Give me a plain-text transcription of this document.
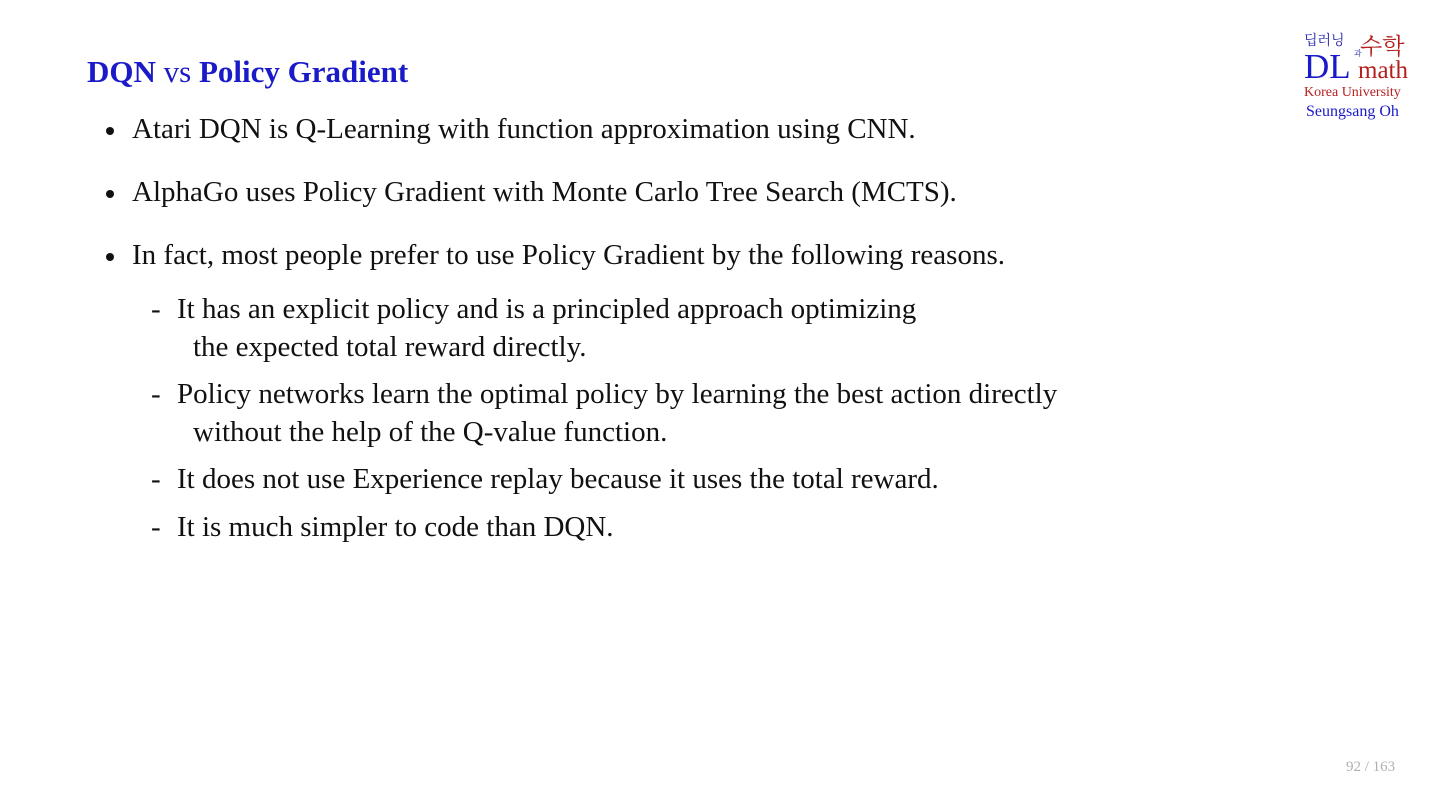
DQN vs Policy Gradient
딥러닝
과
수학
DL math
Korea University
Seungsang Oh
Atari DQN is Q-Learning with function approximation using CNN.
AlphaGo uses Policy Gradient with Monte Carlo Tree Search (MCTS).
In fact, most people prefer to use Policy Gradient by the following reasons.
- It has an explicit policy and is a principled approach optimizing
the expected total reward directly.
- Policy networks learn the optimal policy by learning the best action directly
without the help of the Q-value function.
- It does not use Experience replay because it uses the total reward.
- It is much simpler to code than DQN.
92 / 163
